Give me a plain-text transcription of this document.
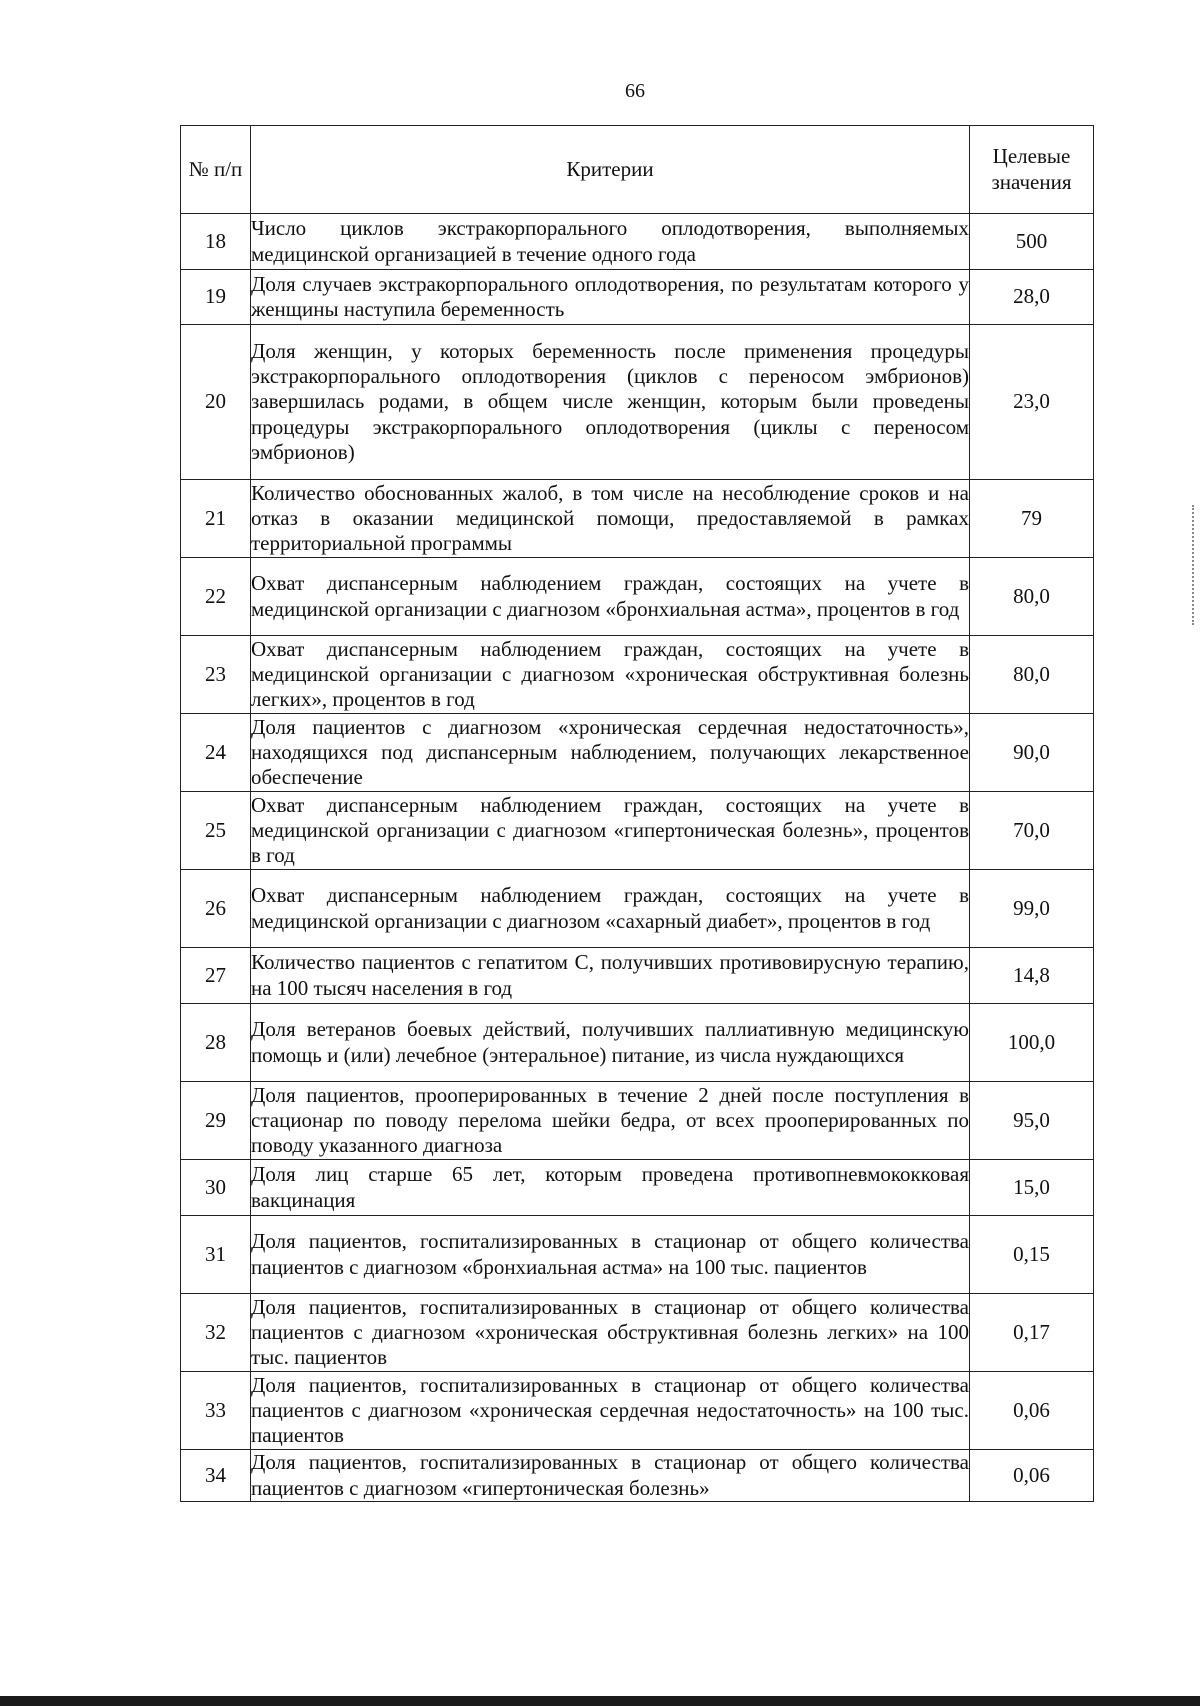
66
№ п/п	Критерии	Целевые значения
18	Число циклов экстракорпорального оплодотворения, выполняемых медицинской организацией в течение одного года	500
19	Доля случаев экстракорпорального оплодотворения, по результатам которого у женщины наступила беременность	28,0
20	Доля женщин, у которых беременность после применения процедуры экстракорпорального оплодотворения (циклов с переносом эмбрионов) завершилась родами, в общем числе женщин, которым были проведены процедуры экстракорпорального оплодотворения (циклы с переносом эмбрионов)	23,0
21	Количество обоснованных жалоб, в том числе на несоблюдение сроков и на отказ в оказании медицинской помощи, предоставляемой в рамках территориальной программы	79
22	Охват диспансерным наблюдением граждан, состоящих на учете в медицинской организации с диагнозом «бронхиальная астма», процентов в год	80,0
23	Охват диспансерным наблюдением граждан, состоящих на учете в медицинской организации с диагнозом «хроническая обструктивная болезнь легких», процентов в год	80,0
24	Доля пациентов с диагнозом «хроническая сердечная недостаточность», находящихся под диспансерным наблюдением, получающих лекарственное обеспечение	90,0
25	Охват диспансерным наблюдением граждан, состоящих на учете в медицинской организации с диагнозом «гипертоническая болезнь», процентов в год	70,0
26	Охват диспансерным наблюдением граждан, состоящих на учете в медицинской организации с диагнозом «сахарный диабет», процентов в год	99,0
27	Количество пациентов с гепатитом С, получивших противовирусную терапию, на 100 тысяч населения в год	14,8
28	Доля ветеранов боевых действий, получивших паллиативную медицинскую помощь и (или) лечебное (энтеральное) питание, из числа нуждающихся	100,0
29	Доля пациентов, прооперированных в течение 2 дней после поступления в стационар по поводу перелома шейки бедра, от всех прооперированных по поводу указанного диагноза	95,0
30	Доля лиц старше 65 лет, которым проведена противопневмококковая вакцинация	15,0
31	Доля пациентов, госпитализированных в стационар от общего количества пациентов с диагнозом «бронхиальная астма» на 100 тыс. пациентов	0,15
32	Доля пациентов, госпитализированных в стационар от общего количества пациентов с диагнозом «хроническая обструктивная болезнь легких» на 100 тыс. пациентов	0,17
33	Доля пациентов, госпитализированных в стационар от общего количества пациентов с диагнозом «хроническая сердечная недостаточность» на 100 тыс. пациентов	0,06
34	Доля пациентов, госпитализированных в стационар от общего количества пациентов с диагнозом «гипертоническая болезнь»	0,06
